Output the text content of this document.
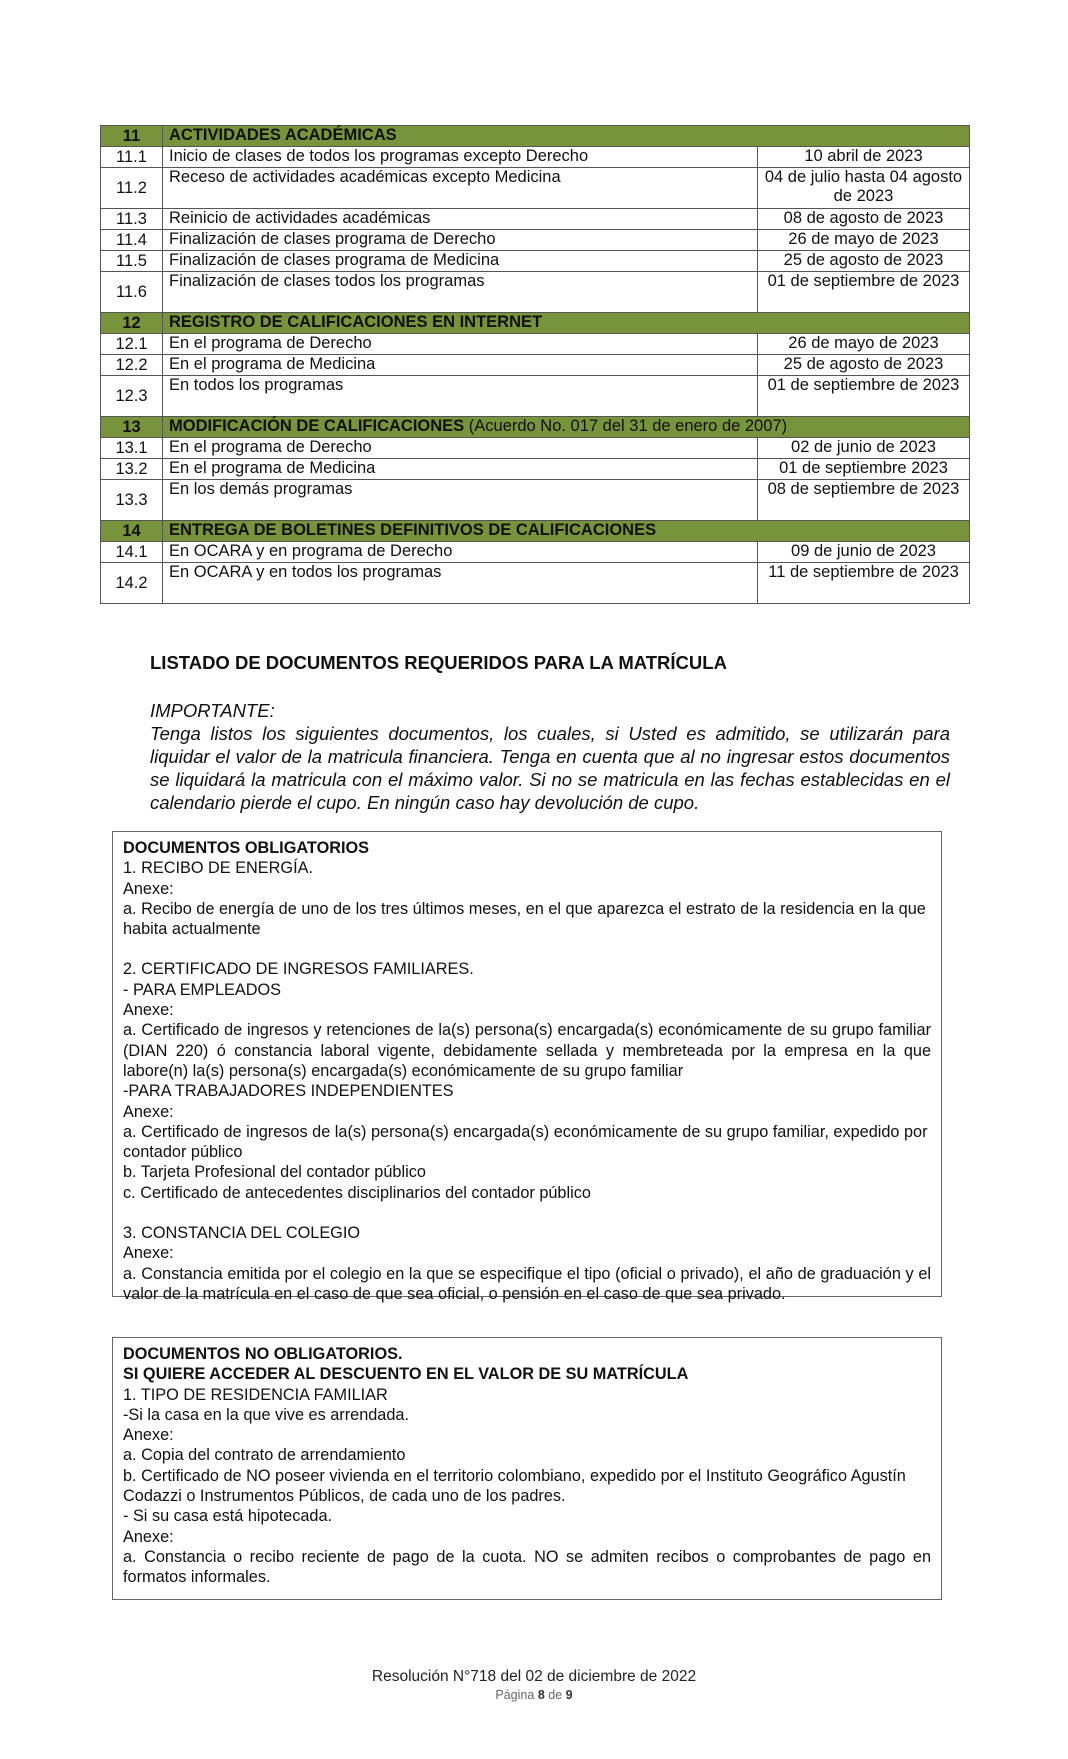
11	ACTIVIDADES ACADÉMICAS	
11.1	Inicio de clases de todos los programas excepto Derecho	10 abril de 2023
11.2	Receso de actividades académicas excepto Medicina	04 de julio hasta 04 agosto de 2023
11.3	Reinicio de actividades académicas	08 de agosto de 2023
11.4	Finalización de clases programa de Derecho	26 de mayo de 2023
11.5	Finalización de clases programa de Medicina	25 de agosto de 2023
11.6	Finalización de clases todos los programas	01 de septiembre de 2023
12	REGISTRO DE CALIFICACIONES EN INTERNET	
12.1	En el programa de Derecho	26 de mayo de 2023
12.2	En el programa de Medicina	25 de agosto de 2023
12.3	En todos los programas	01 de septiembre de 2023
13	MODIFICACIÓN DE CALIFICACIONES (Acuerdo No. 017 del 31 de enero de 2007)	
13.1	En el programa de Derecho	02 de junio de 2023
13.2	En el programa de Medicina	01 de septiembre 2023
13.3	En los demás programas	08 de septiembre de 2023
14	ENTREGA DE BOLETINES DEFINITIVOS DE CALIFICACIONES	
14.1	En OCARA y en programa de Derecho	09 de junio de 2023
14.2	En OCARA y en todos los programas	11 de septiembre de 2023
LISTADO DE DOCUMENTOS REQUERIDOS PARA LA MATRÍCULA
IMPORTANTE:
Tenga listos los siguientes documentos, los cuales, si Usted es admitido, se utilizarán para liquidar el valor de la matricula financiera. Tenga en cuenta que al no ingresar estos documentos se liquidará la matricula con el máximo valor. Si no se matricula en las fechas establecidas en el calendario pierde el cupo. En ningún caso hay devolución de cupo.
DOCUMENTOS OBLIGATORIOS
1. RECIBO DE ENERGÍA.
Anexe:
a. Recibo de energía de uno de los tres últimos meses, en el que aparezca el estrato de la residencia en la que habita actualmente
2. CERTIFICADO DE INGRESOS FAMILIARES.
- PARA EMPLEADOS
Anexe:
a. Certificado de ingresos y retenciones de la(s) persona(s) encargada(s) económicamente de su grupo familiar (DIAN 220) ó constancia laboral vigente, debidamente sellada y membreteada por la empresa en la que labore(n) la(s) persona(s) encargada(s) económicamente de su grupo familiar
-PARA TRABAJADORES INDEPENDIENTES
Anexe:
a. Certificado de ingresos de la(s) persona(s) encargada(s) económicamente de su grupo familiar, expedido por contador público
b. Tarjeta Profesional del contador público
c. Certificado de antecedentes disciplinarios del contador público
3. CONSTANCIA DEL COLEGIO
Anexe:
a. Constancia emitida por el colegio en la que se especifique el tipo (oficial o privado), el año de graduación y el valor de la matrícula en el caso de que sea oficial, o pensión en el caso de que sea privado.
DOCUMENTOS NO OBLIGATORIOS.
SI QUIERE ACCEDER AL DESCUENTO EN EL VALOR DE SU MATRÍCULA
1. TIPO DE RESIDENCIA FAMILIAR
-Si la casa en la que vive es arrendada.
Anexe:
a. Copia del contrato de arrendamiento
b. Certificado de NO poseer vivienda en el territorio colombiano, expedido por el Instituto Geográfico Agustín Codazzi o Instrumentos Públicos, de cada uno de los padres.
- Si su casa está hipotecada.
Anexe:
a. Constancia o recibo reciente de pago de la cuota. NO se admiten recibos o comprobantes de pago en formatos informales.
Resolución N°718 del 02 de diciembre de 2022
Página 8 de 9
